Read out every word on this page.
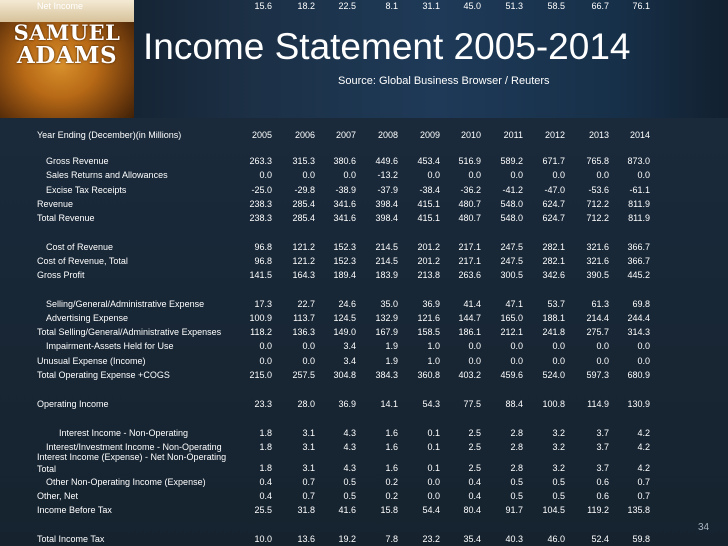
SAMUEL
ADAMS Income Statement 2005-2014
Source: Global Business Browser / Reuters
Year Ending (December)(in Millions)	2005	2006	2007	2008	2009	2010	2011	2012	2013	2014
Gross Revenue	263.3	315.3	380.6	449.6	453.4	516.9	589.2	671.7	765.8	873.0
Sales Returns and Allowances	0.0	0.0	0.0	-13.2	0.0	0.0	0.0	0.0	0.0	0.0
Excise Tax Receipts	-25.0	-29.8	-38.9	-37.9	-38.4	-36.2	-41.2	-47.0	-53.6	-61.1
Revenue	238.3	285.4	341.6	398.4	415.1	480.7	548.0	624.7	712.2	811.9
Total Revenue	238.3	285.4	341.6	398.4	415.1	480.7	548.0	624.7	712.2	811.9
Cost of Revenue	96.8	121.2	152.3	214.5	201.2	217.1	247.5	282.1	321.6	366.7
Cost of Revenue, Total	96.8	121.2	152.3	214.5	201.2	217.1	247.5	282.1	321.6	366.7
Gross Profit	141.5	164.3	189.4	183.9	213.8	263.6	300.5	342.6	390.5	445.2
Selling/General/Administrative Expense	17.3	22.7	24.6	35.0	36.9	41.4	47.1	53.7	61.3	69.8
Advertising Expense	100.9	113.7	124.5	132.9	121.6	144.7	165.0	188.1	214.4	244.4
Total Selling/General/Administrative Expenses	118.2	136.3	149.0	167.9	158.5	186.1	212.1	241.8	275.7	314.3
Impairment-Assets Held for Use	0.0	0.0	3.4	1.9	1.0	0.0	0.0	0.0	0.0	0.0
Unusual Expense (Income)	0.0	0.0	3.4	1.9	1.0	0.0	0.0	0.0	0.0	0.0
Total Operating Expense +COGS	215.0	257.5	304.8	384.3	360.8	403.2	459.6	524.0	597.3	680.9
Operating Income	23.3	28.0	36.9	14.1	54.3	77.5	88.4	100.8	114.9	130.9
Interest Income - Non-Operating	1.8	3.1	4.3	1.6	0.1	2.5	2.8	3.2	3.7	4.2
Interest/Investment Income - Non-Operating	1.8	3.1	4.3	1.6	0.1	2.5	2.8	3.2	3.7	4.2
Interest Income (Expense) - Net Non-Operating
Total	1.8	3.1	4.3	1.6	0.1	2.5	2.8	3.2	3.7	4.2
Other Non-Operating Income (Expense)	0.4	0.7	0.5	0.2	0.0	0.4	0.5	0.5	0.6	0.7
Other, Net	0.4	0.7	0.5	0.2	0.0	0.4	0.5	0.5	0.6	0.7
Income Before Tax	25.5	31.8	41.6	15.8	54.4	80.4	91.7	104.5	119.2	135.8
Total Income Tax	10.0	13.6	19.2	7.8	23.2	35.4	40.3	46.0	52.4	59.8
Net Income	15.6	18.2	22.5	8.1	31.1	45.0	51.3	58.5	66.7	76.1
34
